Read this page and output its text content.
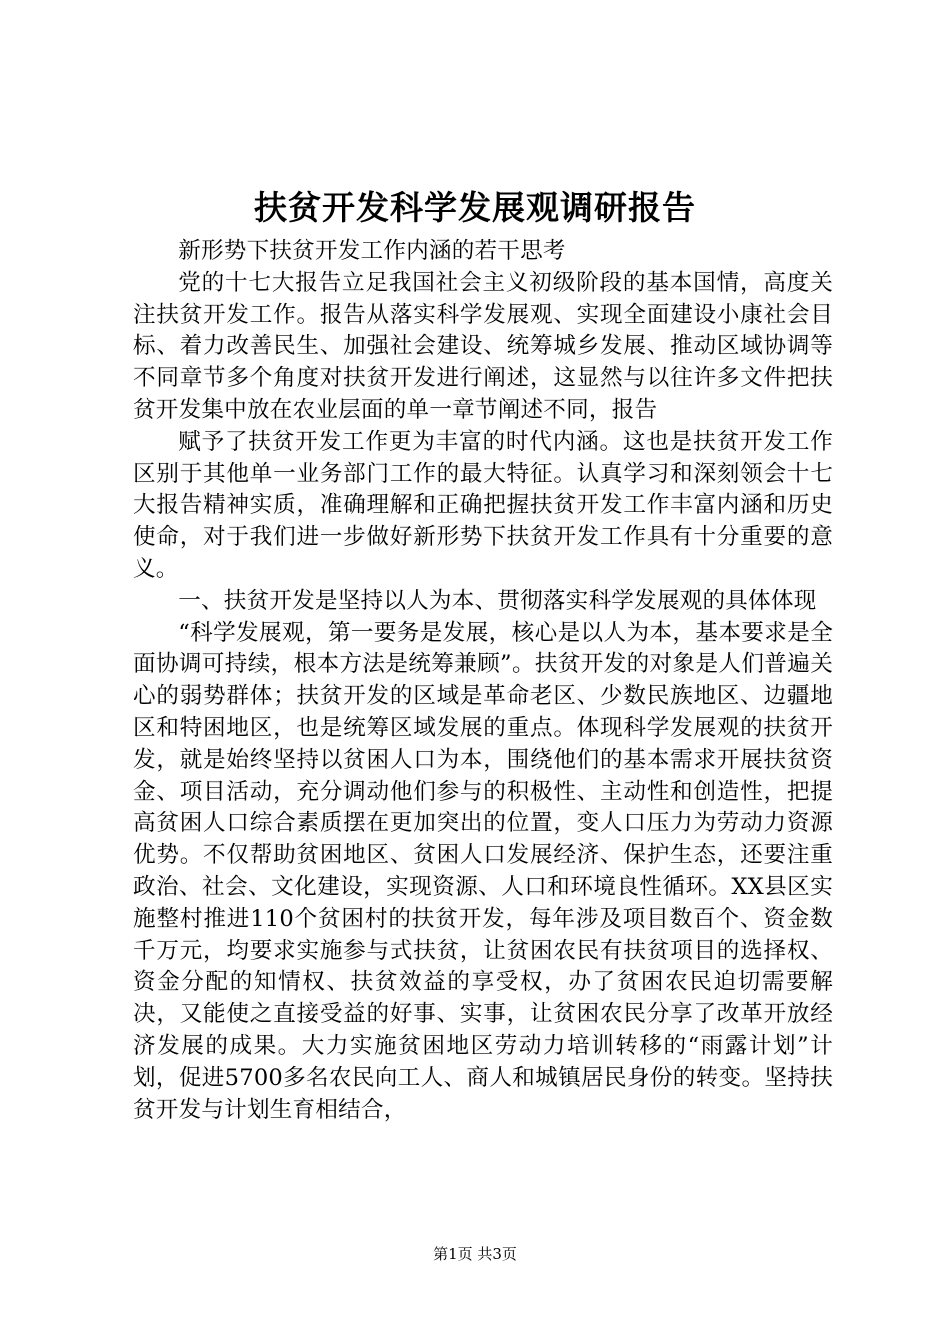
扶贫开发科学发展观调研报告

新形势下扶贫开发工作内涵的若干思考

党的十七大报告立足我国社会主义初级阶段的基本国情，高度关注扶贫开发工作。报告从落实科学发展观、实现全面建设小康社会目标、着力改善民生、加强社会建设、统筹城乡发展、推动区域协调等不同章节多个角度对扶贫开发进行阐述，这显然与以往许多文件把扶贫开发集中放在农业层面的单一章节阐述不同，报告

赋予了扶贫开发工作更为丰富的时代内涵。这也是扶贫开发工作区别于其他单一业务部门工作的最大特征。认真学习和深刻领会十七大报告精神实质，准确理解和正确把握扶贫开发工作丰富内涵和历史使命，对于我们进一步做好新形势下扶贫开发工作具有十分重要的意义。

一、扶贫开发是坚持以人为本、贯彻落实科学发展观的具体体现

“科学发展观，第一要务是发展，核心是以人为本，基本要求是全面协调可持续，根本方法是统筹兼顾”。扶贫开发的对象是人们普遍关心的弱势群体；扶贫开发的区域是革命老区、少数民族地区、边疆地区和特困地区，也是统筹区域发展的重点。体现科学发展观的扶贫开发，就是始终坚持以贫困人口为本，围绕他们的基本需求开展扶贫资金、项目活动，充分调动他们参与的积极性、主动性和创造性，把提高贫困人口综合素质摆在更加突出的位置，变人口压力为劳动力资源优势。不仅帮助贫困地区、贫困人口发展经济、保护生态，还要注重政治、社会、文化建设，实现资源、人口和环境良性循环。XX县区实施整村推进110个贫困村的扶贫开发，每年涉及项目数百个、资金数千万元，均要求实施参与式扶贫，让贫困农民有扶贫项目的选择权、资金分配的知情权、扶贫效益的享受权，办了贫困农民迫切需要解决，又能使之直接受益的好事、实事，让贫困农民分享了改革开放经济发展的成果。大力实施贫困地区劳动力培训转移的“雨露计划”计划，促进5700多名农民向工人、商人和城镇居民身份的转变。坚持扶贫开发与计划生育相结合，

第1页 共3页
